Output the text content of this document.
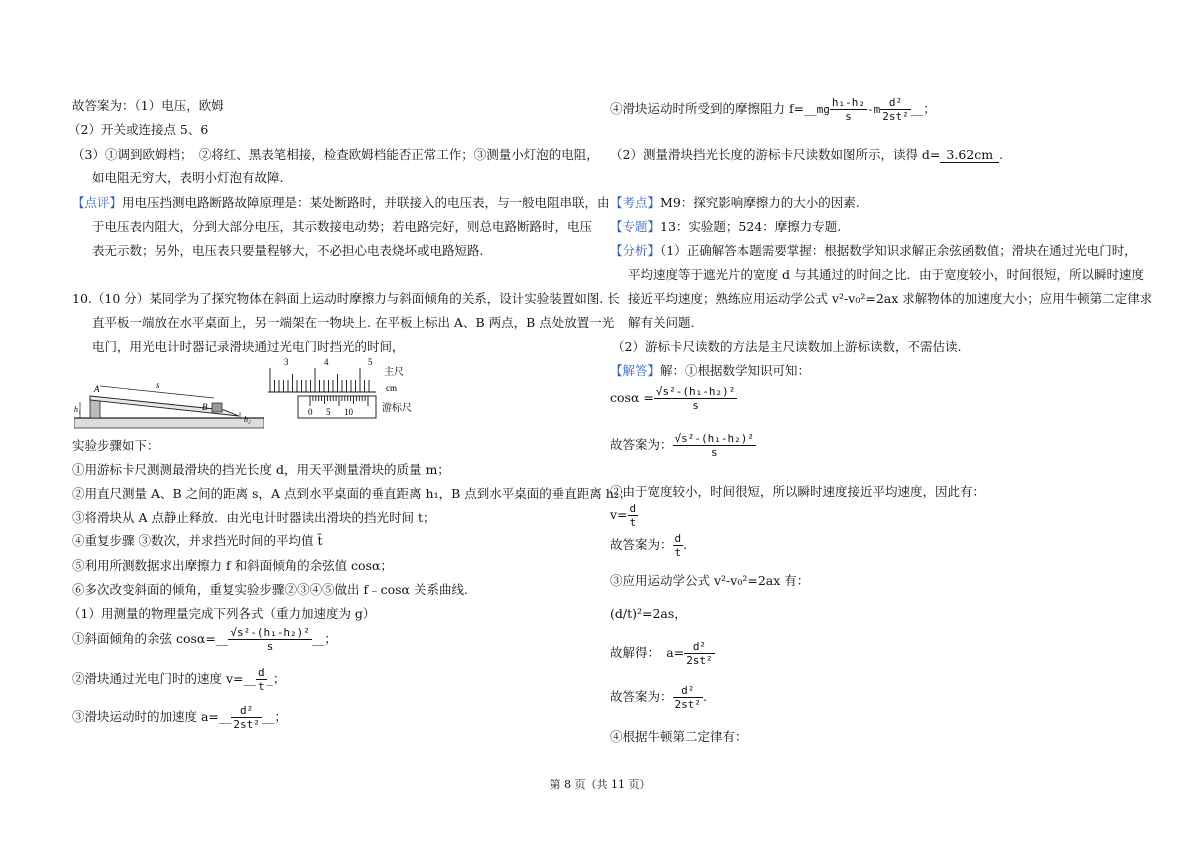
故答案为：（1）电压，欧姆
（2）开关或连接点 5、6
（3）①调到欧姆档；　②将红、黑表笔相接，检查欧姆档能否正常工作；③测量小灯泡的电阻，
如电阻无穷大，表明小灯泡有故障.
【点评】用电压挡测电路断路故障原理是：某处断路时，并联接入的电压表，与一般电阻串联，由
于电压表内阻大，分到大部分电压，其示数接电动势；若电路完好，则总电路断路时，电压
表无示数；另外，电压表只要量程够大，不必担心电表烧坏或电路短路.
10.（10 分）某同学为了探究物体在斜面上运动时摩擦力与斜面倾角的关系，设计实验装置如图. 长
直平板一端放在水平桌面上，另一端架在一物块上. 在平板上标出 A、B 两点，B 点处放置一光
电门，用光电计时器记录滑块通过光电门时挡光的时间，
A
B
s
h₁
h₂
3	4	5
0 5 10
主尺
cm
游标尺
实验步骤如下：
①用游标卡尺测测最滑块的挡光长度 d，用天平测量滑块的质量 m；
②用直尺测量 A、B 之间的距离 s，A 点到水平桌面的垂直距离 h₁，B 点到水平桌面的垂直距离 h₂；
③将滑块从 A 点静止释放．由光电计时器读出滑块的挡光时间 t；
④重复步骤 ③数次，并求挡光时间的平均值 t̄
⑤利用所测数据求出摩擦力 f 和斜面倾角的余弦值 cosα；
⑥多次改变斜面的倾角，重复实验步骤②③④⑤做出 f﹣cosα 关系曲线.
（1）用测量的物理量完成下列各式（重力加速度为 g）
①斜面倾角的余弦 cosα=__ $\frac{\text{√s²-(h₁-h₂)²}}{s}$ __；
②滑块通过光电门时的速度 v=__ $\frac{d}{t}$ _；
③滑块运动时的加速度 a=__ $\frac{\text{d²}}{\text{2st²}}$ __；
④滑块运动时所受到的摩擦阻力 f=__mg $\frac{\text{h₁-h₂}}{s} -m \frac{\text{d²}}{\text{2st²}}$ __；
（2）测量滑块挡光长度的游标卡尺读数如图所示，读得 d= 3.62cm .
【考点】M9：探究影响摩擦力的大小的因素.
【专题】13：实验题；524：摩擦力专题.
【分析】（1）正确解答本题需要掌握：根据数学知识求解正余弦函数值；滑块在通过光电门时，
平均速度等于遮光片的宽度 d 与其通过的时间之比．由于宽度较小，时间很短，所以瞬时速度
接近平均速度；熟练应用运动学公式 v²-v₀²=2ax 求解物体的加速度大小；应用牛顿第二定律求
解有关问题.
（2）游标卡尺读数的方法是主尺读数加上游标读数，不需估读.
【解答】解：①根据数学知识可知：
$\cos\alpha = \frac{\text{√s²-(h₁-h₂)²}}{s}$
故答案为： $\frac{\text{√s²-(h₁-h₂)²}}{s}$
②由于宽度较小，时间很短，所以瞬时速度接近平均速度，因此有：
$v= \frac{d}{t}$
故答案为： $\frac{d}{t}$ .
③应用运动学公式 v²-v₀²=2ax 有：
(d/t)²=2as，
故解得：　$a= \frac{\text{d²}}{\text{2st²}}$
故答案为： $\frac{\text{d²}}{\text{2st²}}$ .
④根据牛顿第二定律有：
第 8 页（共 11 页）
